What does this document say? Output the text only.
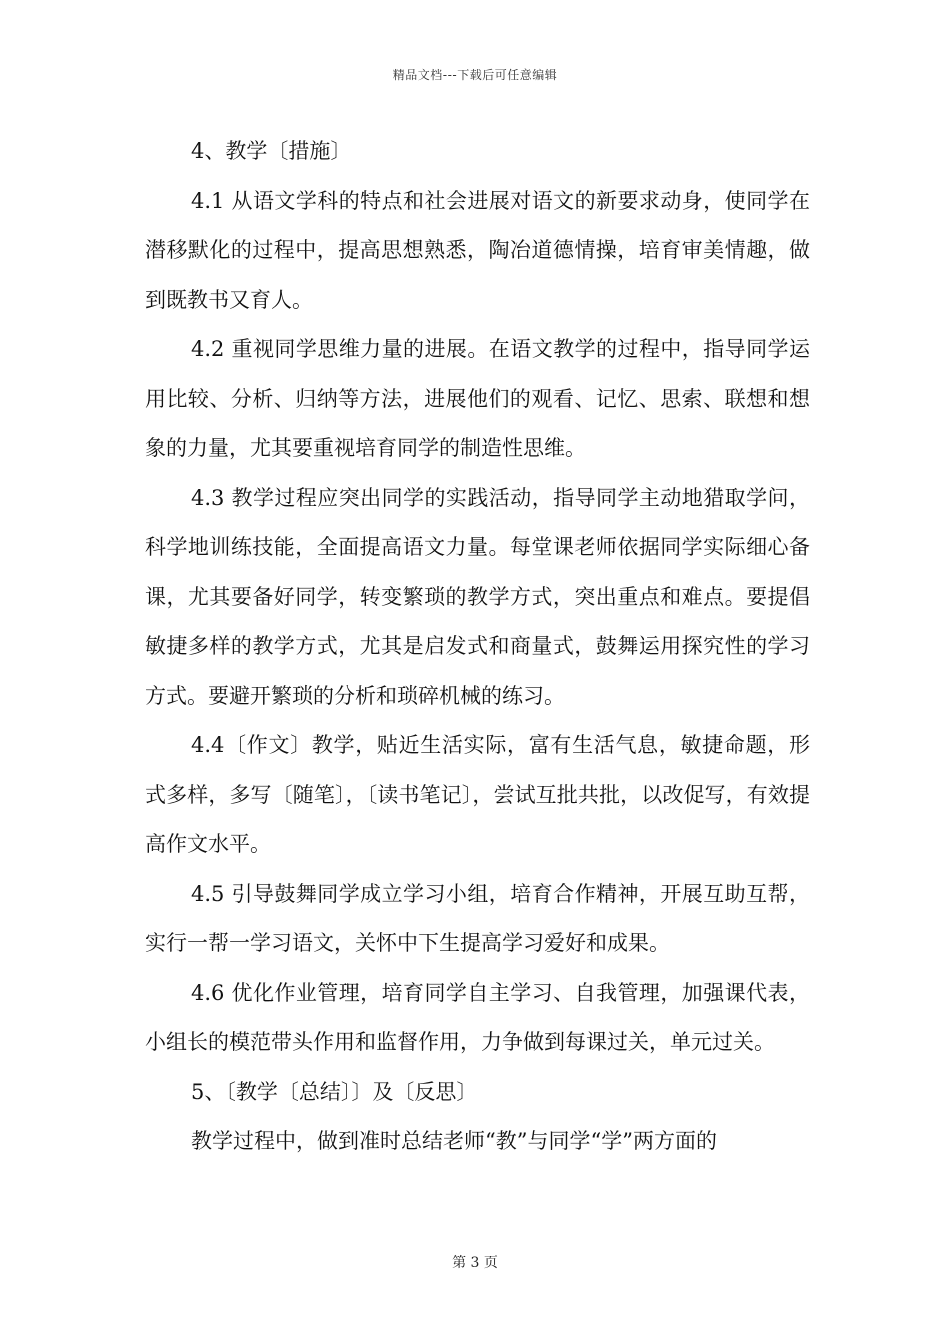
精品文档---下载后可任意编辑

4、教学〔措施〕

4.1 从语文学科的特点和社会进展对语文的新要求动身，使同学在潜移默化的过程中，提高思想熟悉，陶冶道德情操，培育审美情趣，做到既教书又育人。

4.2 重视同学思维力量的进展。在语文教学的过程中，指导同学运用比较、分析、归纳等方法，进展他们的观看、记忆、思索、联想和想象的力量，尤其要重视培育同学的制造性思维。

4.3 教学过程应突出同学的实践活动，指导同学主动地猎取学问，科学地训练技能，全面提高语文力量。每堂课老师依据同学实际细心备课，尤其要备好同学，转变繁琐的教学方式，突出重点和难点。要提倡敏捷多样的教学方式，尤其是启发式和商量式，鼓舞运用探究性的学习方式。要避开繁琐的分析和琐碎机械的练习。

4.4〔作文〕教学，贴近生活实际，富有生活气息，敏捷命题，形式多样，多写〔随笔〕，〔读书笔记〕，尝试互批共批，以改促写，有效提高作文水平。

4.5 引导鼓舞同学成立学习小组，培育合作精神，开展互助互帮，实行一帮一学习语文，关怀中下生提高学习爱好和成果。

4.6 优化作业管理，培育同学自主学习、自我管理，加强课代表，小组长的模范带头作用和监督作用，力争做到每课过关，单元过关。

5、〔教学〔总结〕〕及〔反思〕

教学过程中，做到准时总结老师“教”与同学“学”两方面的

第 3 页
